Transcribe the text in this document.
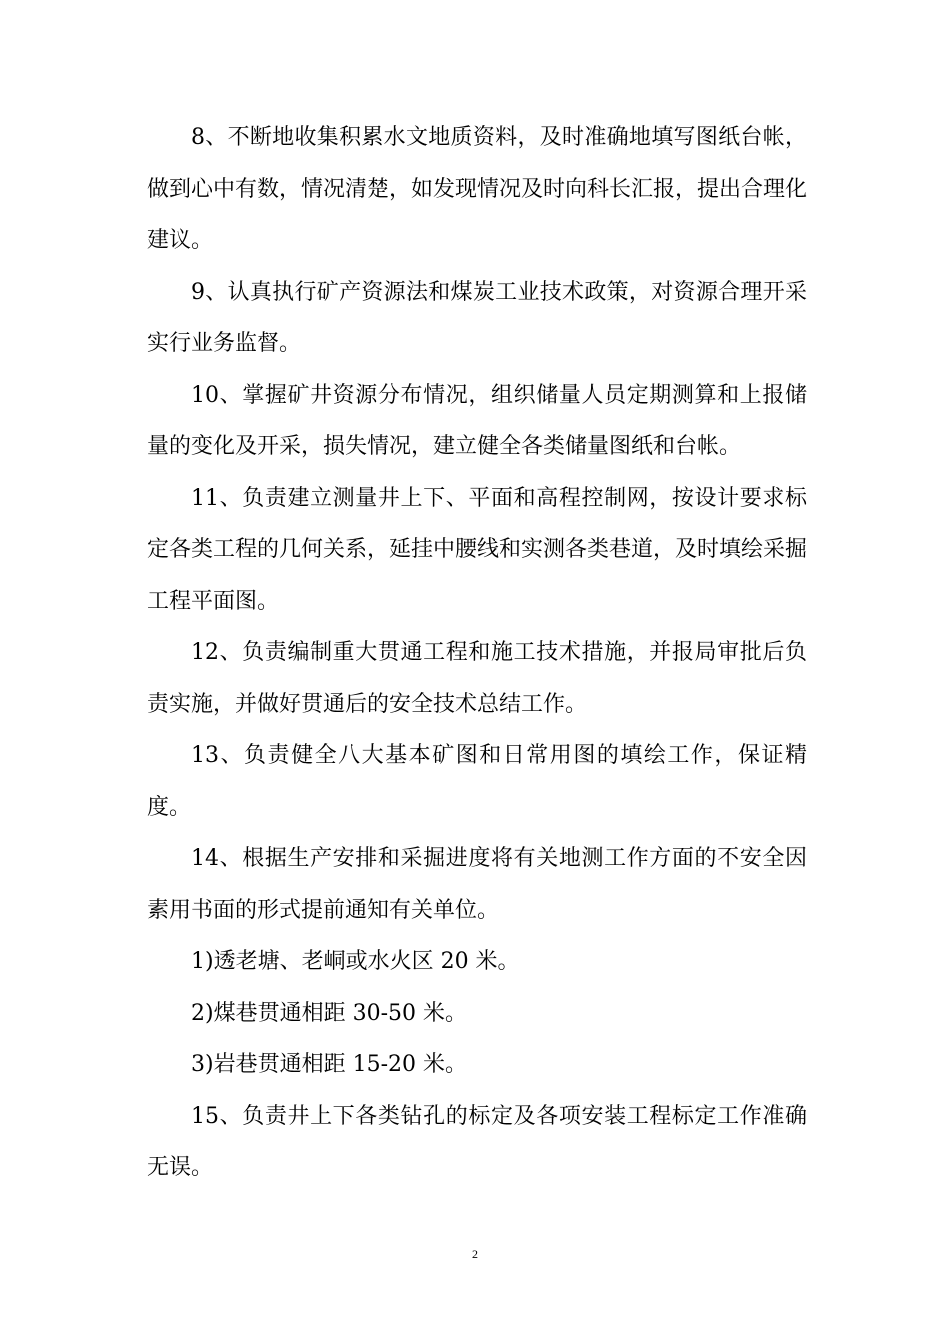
8、不断地收集积累水文地质资料，及时准确地填写图纸台帐，做到心中有数，情况清楚，如发现情况及时向科长汇报，提出合理化建议。

9、认真执行矿产资源法和煤炭工业技术政策，对资源合理开采实行业务监督。

10、掌握矿井资源分布情况，组织储量人员定期测算和上报储量的变化及开采，损失情况，建立健全各类储量图纸和台帐。

11、负责建立测量井上下、平面和高程控制网，按设计要求标定各类工程的几何关系，延挂中腰线和实测各类巷道，及时填绘采掘工程平面图。

12、负责编制重大贯通工程和施工技术措施，并报局审批后负责实施，并做好贯通后的安全技术总结工作。

13、负责健全八大基本矿图和日常用图的填绘工作，保证精度。

14、根据生产安排和采掘进度将有关地测工作方面的不安全因素用书面的形式提前通知有关单位。

1)透老塘、老峒或水火区 20 米。

2)煤巷贯通相距 30-50 米。

3)岩巷贯通相距 15-20 米。

15、负责井上下各类钻孔的标定及各项安装工程标定工作准确无误。

2
